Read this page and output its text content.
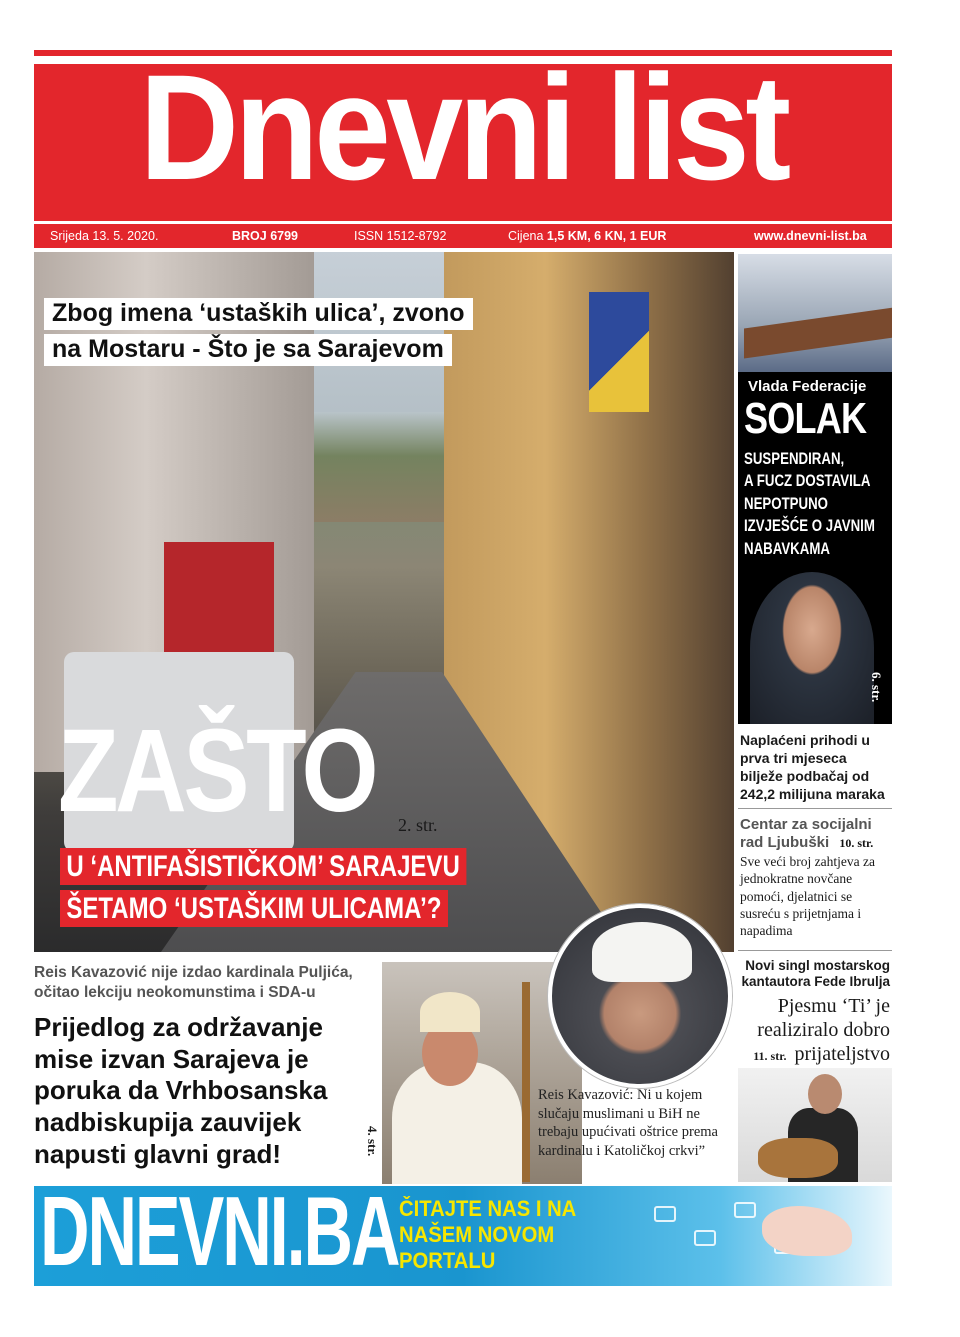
Dnevni list
Srijeda 13. 5. 2020.	BROJ 6799	ISSN 1512-8792	Cijena 1,5 KM, 6 KN, 1 EUR	www.dnevni-list.ba
Zbog imena ‘ustaških ulica’, zvono
na Mostaru - Što je sa Sarajevom
ZAŠTO 2. str.
U ‘ANTIFAŠISTIČKOM’ SARAJEVU
ŠETAMO ‘USTAŠKIM ULICAMA’?
Vlada Federacije
SOLAK
SUSPENDIRAN,
A FUCZ DOSTAVILA
NEPOTPUNO
IZVJEŠĆE O JAVNIM
NABAVKAMA
6. str.
Naplaćeni prihodi u prva tri mjeseca bilježe podbačaj od 242,2 milijuna maraka
Centar za socijalni rad Ljubuški 10. str.
Sve veći broj zahtjeva za jednokratne novčane pomoći, djelatnici se susreću s prijetnjama i napadima
Novi singl mostarskog kantautora Fede Ibrulja
Pjesmu ‘Ti’ je
realiziralo dobro
11. str. prijateljstvo
Reis Kavazović nije izdao kardinala Puljića, očitao lekciju neokomunstima i SDA-u
Prijedlog za održavanje mise izvan Sarajeva je poruka da Vrhbosanska nadbiskupija zauvijek napusti glavni grad!	4. str.
Reis Kavazović: Ni u kojem slučaju muslimani u BiH ne trebaju upućivati oštrice prema kardinalu i Katoličkoj crkvi”
DNEVNI.BA ČITAJTE NAS I NA NAŠEM NOVOM PORTALU
